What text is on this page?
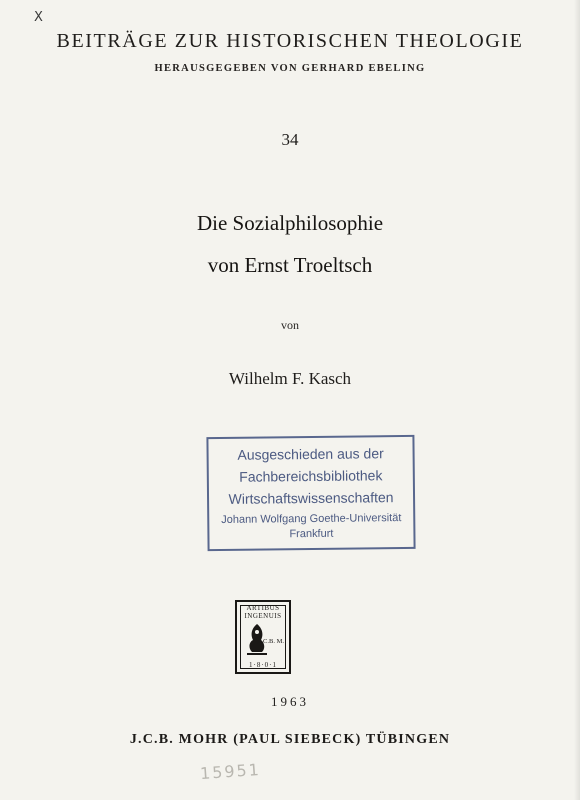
X
BEITRÄGE ZUR HISTORISCHEN THEOLOGIE
HERAUSGEGEBEN VON GERHARD EBELING
34
Die Sozialphilosophie
von Ernst Troeltsch
von
Wilhelm F. Kasch
Ausgeschieden aus der
Fachbereichsbibliothek
Wirtschaftswissenschaften
Johann Wolfgang Goethe-Universität
Frankfurt
ARTIBUS INGENUIS
J.C.B. M.
1·8·0·1
1963
J.C.B. MOHR (PAUL SIEBECK) TÜBINGEN
15951
